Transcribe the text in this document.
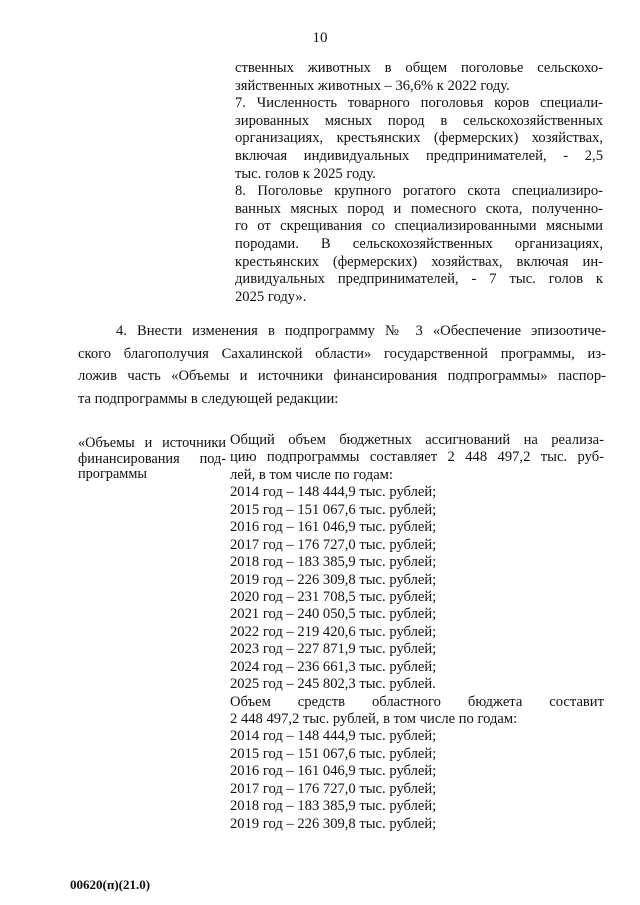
10
ственных животных в общем поголовье сельскохо-
зяйственных животных – 36,6% к 2022 году.
7. Численность товарного поголовья коров специали-
зированных мясных пород в сельскохозяйственных
организациях, крестьянских (фермерских) хозяйствах,
включая индивидуальных предпринимателей, - 2,5
тыс. голов к 2025 году.
8. Поголовье крупного рогатого скота специализиро-
ванных мясных пород и помесного скота, полученно-
го от скрещивания со специализированными мясными
породами. В сельскохозяйственных организациях,
крестьянских (фермерских) хозяйствах, включая ин-
дивидуальных предпринимателей, - 7 тыс. голов к
2025 году».
4. Внести изменения в подпрограмму № 3 «Обеспечение эпизоотиче-
ского благополучия Сахалинской области» государственной программы, из-
ложив часть «Объемы и источники финансирования подпрограммы» паспор-
та подпрограммы в следующей редакции:
«Объемы и источники
финансирования под-
программы
Общий объем бюджетных ассигнований на реализа-
цию подпрограммы составляет 2 448 497,2 тыс. руб-
лей, в том числе по годам:
2014 год – 148 444,9 тыс. рублей;
2015 год – 151 067,6 тыс. рублей;
2016 год – 161 046,9 тыс. рублей;
2017 год – 176 727,0 тыс. рублей;
2018 год – 183 385,9 тыс. рублей;
2019 год – 226 309,8 тыс. рублей;
2020 год – 231 708,5 тыс. рублей;
2021 год – 240 050,5 тыс. рублей;
2022 год – 219 420,6 тыс. рублей;
2023 год – 227 871,9 тыс. рублей;
2024 год – 236 661,3 тыс. рублей;
2025 год – 245 802,3 тыс. рублей.
Объем средств областного бюджета составит
2 448 497,2 тыс. рублей, в том числе по годам:
2014 год – 148 444,9 тыс. рублей;
2015 год – 151 067,6 тыс. рублей;
2016 год – 161 046,9 тыс. рублей;
2017 год – 176 727,0 тыс. рублей;
2018 год – 183 385,9 тыс. рублей;
2019 год – 226 309,8 тыс. рублей;
00620(п)(21.0)
